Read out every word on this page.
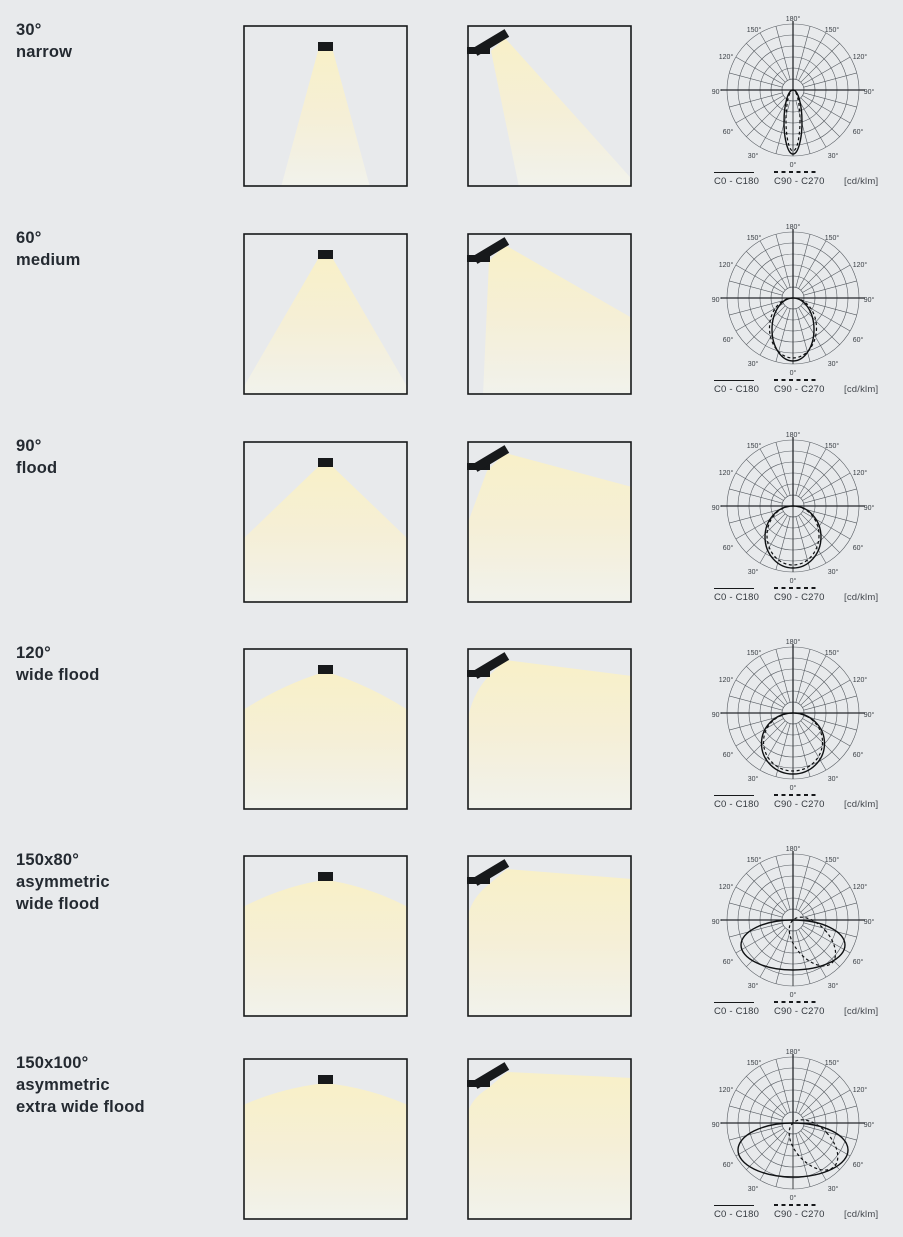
30°
narrow
180°
150°	150°
120°	120°
90°	90°
60°	60°
30°	30°
0°
C0 - C180 C90 - C270 [cd/klm]
60°
medium
180°
150°	150°
120°	120°
90°	90°
60°	60°
30°	30°
0°
C0 - C180 C90 - C270 [cd/klm]
90°
flood
180°
150°	150°
120°	120°
90°	90°
60°	60°
30°	30°
0°
C0 - C180 C90 - C270 [cd/klm]
120°
wide flood
180°
150°	150°
120°	120°
90°	90°
60°	60°
30°	30°
0°
C0 - C180 C90 - C270 [cd/klm]
150x80°
asymmetric
wide flood
180°
150°	150°
120°	120°
90°	90°
60°	60°
30°	30°
0°
C0 - C180 C90 - C270 [cd/klm]
150x100°
asymmetric
extra wide flood
180°
150°	150°
120°	120°
90°	90°
60°	60°
30°	30°
0°
C0 - C180 C90 - C270 [cd/klm]
